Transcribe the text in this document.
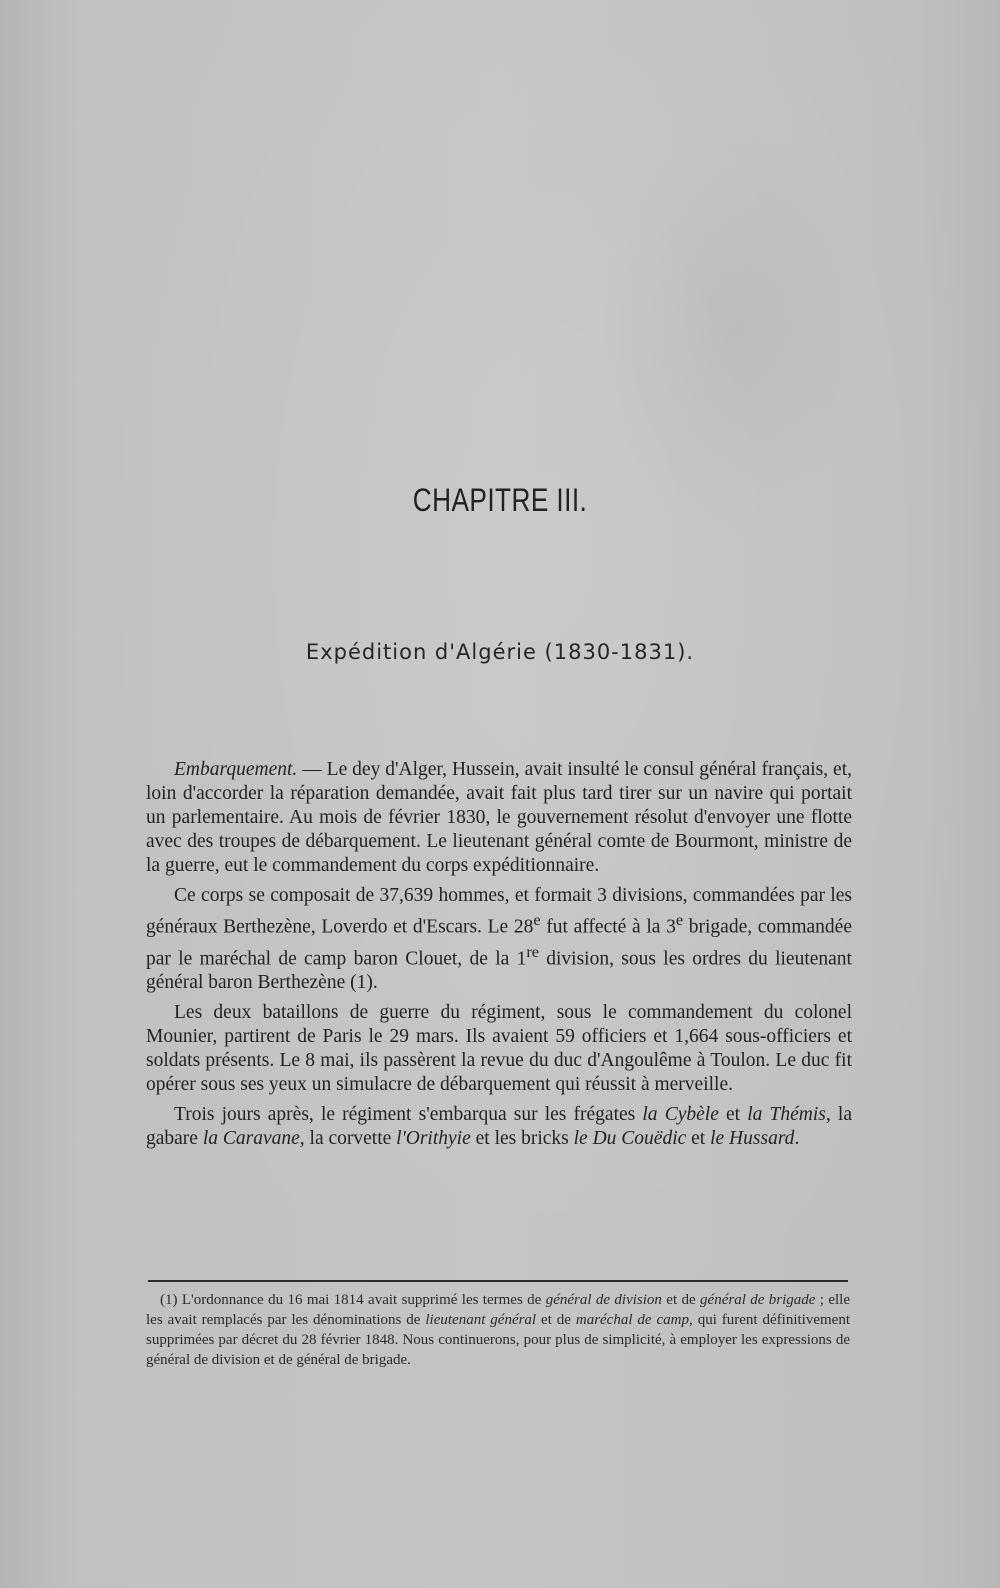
CHAPITRE III.
Expédition d'Algérie (1830-1831).

Embarquement. — Le dey d'Alger, Hussein, avait insulté le consul général français, et, loin d'accorder la réparation demandée, avait fait plus tard tirer sur un navire qui portait un parlementaire. Au mois de février 1830, le gouvernement résolut d'envoyer une flotte avec des troupes de débarquement. Le lieutenant général comte de Bourmont, ministre de la guerre, eut le commandement du corps expéditionnaire.

Ce corps se composait de 37,639 hommes, et formait 3 divisions, commandées par les généraux Berthezène, Loverdo et d'Escars. Le 28e fut affecté à la 3e brigade, commandée par le maréchal de camp baron Clouet, de la 1re division, sous les ordres du lieutenant général baron Berthezène (1).

Les deux bataillons de guerre du régiment, sous le commandement du colonel Mounier, partirent de Paris le 29 mars. Ils avaient 59 officiers et 1,664 sous-officiers et soldats présents. Le 8 mai, ils passèrent la revue du duc d'Angoulême à Toulon. Le duc fit opérer sous ses yeux un simulacre de débarquement qui réussit à merveille.

Trois jours après, le régiment s'embarqua sur les frégates la Cybèle et la Thémis, la gabare la Caravane, la corvette l'Orithyie et les bricks le Du Couëdic et le Hussard.

(1) L'ordonnance du 16 mai 1814 avait supprimé les termes de général de division et de général de brigade ; elle les avait remplacés par les dénominations de lieutenant général et de maréchal de camp, qui furent définitivement supprimées par décret du 28 février 1848. Nous continuerons, pour plus de simplicité, à employer les expressions de général de division et de général de brigade.
